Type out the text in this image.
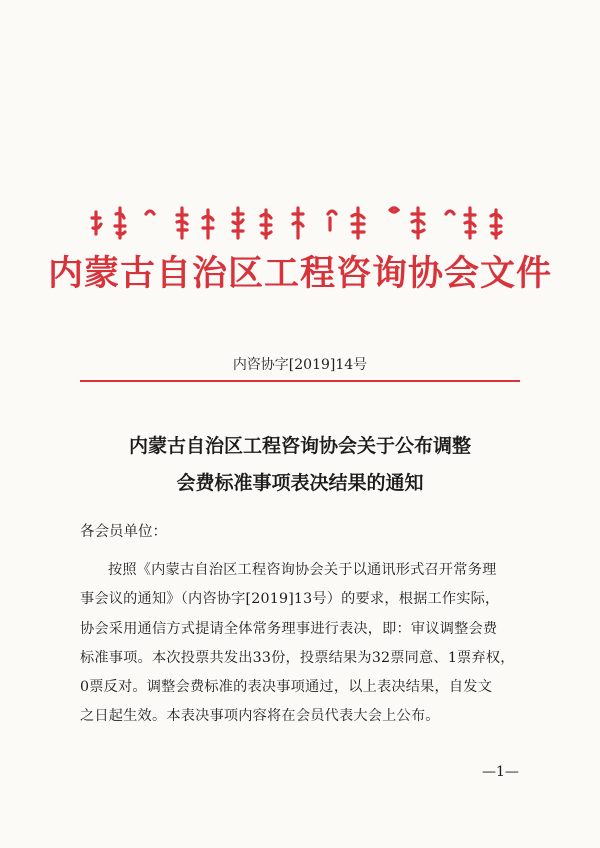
内蒙古自治区工程咨询协会文件
内咨协字[2019]14号
内蒙古自治区工程咨询协会关于公布调整
会费标准事项表决结果的通知
各会员单位：
按照《内蒙古自治区工程咨询协会关于以通讯形式召开常务理
事会议的通知》（内咨协字[2019]13号）的要求，根据工作实际，
协会采用通信方式提请全体常务理事进行表决，即：审议调整会费
标准事项。本次投票共发出33份，投票结果为32票同意、1票弃权，
0票反对。调整会费标准的表决事项通过，以上表决结果，自发文
之日起生效。本表决事项内容将在会员代表大会上公布。
—1—
